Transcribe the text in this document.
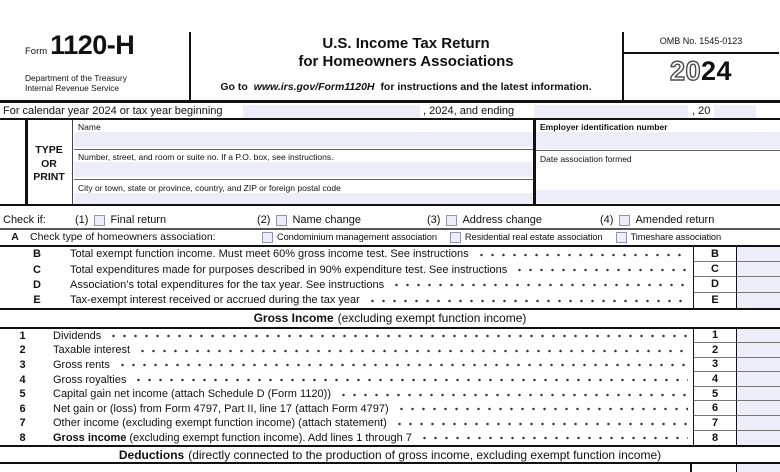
Form 1120-H
Department of the Treasury
Internal Revenue Service
U.S. Income Tax Return
for Homeowners Associations
Go to www.irs.gov/Form1120H for instructions and the latest information.
OMB No. 1545-0123
2024
For calendar year 2024 or tax year beginning	, 2024, and ending	, 20
TYPE
OR
PRINT
Name
Number, street, and room or suite no. If a P.O. box, see instructions.
City or town, state or province, country, and ZIP or foreign postal code
Employer identification number
Date association formed
Check if:	(1) Final return	(2) Name change	(3) Address change	(4) Amended return
A	Check type of homeowners association:	Condominium management association	Residential real estate association	Timeshare association
B	Total exempt function income. Must meet 60% gross income test. See instructions	B
C	Total expenditures made for purposes described in 90% expenditure test. See instructions	C
D	Association’s total expenditures for the tax year. See instructions	D
E	Tax-exempt interest received or accrued during the tax year	E
Gross Income (excluding exempt function income)
1	Dividends	1
2	Taxable interest	2
3	Gross rents	3
4	Gross royalties	4
5	Capital gain net income (attach Schedule D (Form 1120))	5
6	Net gain or (loss) from Form 4797, Part II, line 17 (attach Form 4797)	6
7	Other income (excluding exempt function income) (attach statement)	7
8	Gross income (excluding exempt function income). Add lines 1 through 7	8
Deductions (directly connected to the production of gross income, excluding exempt function income)
